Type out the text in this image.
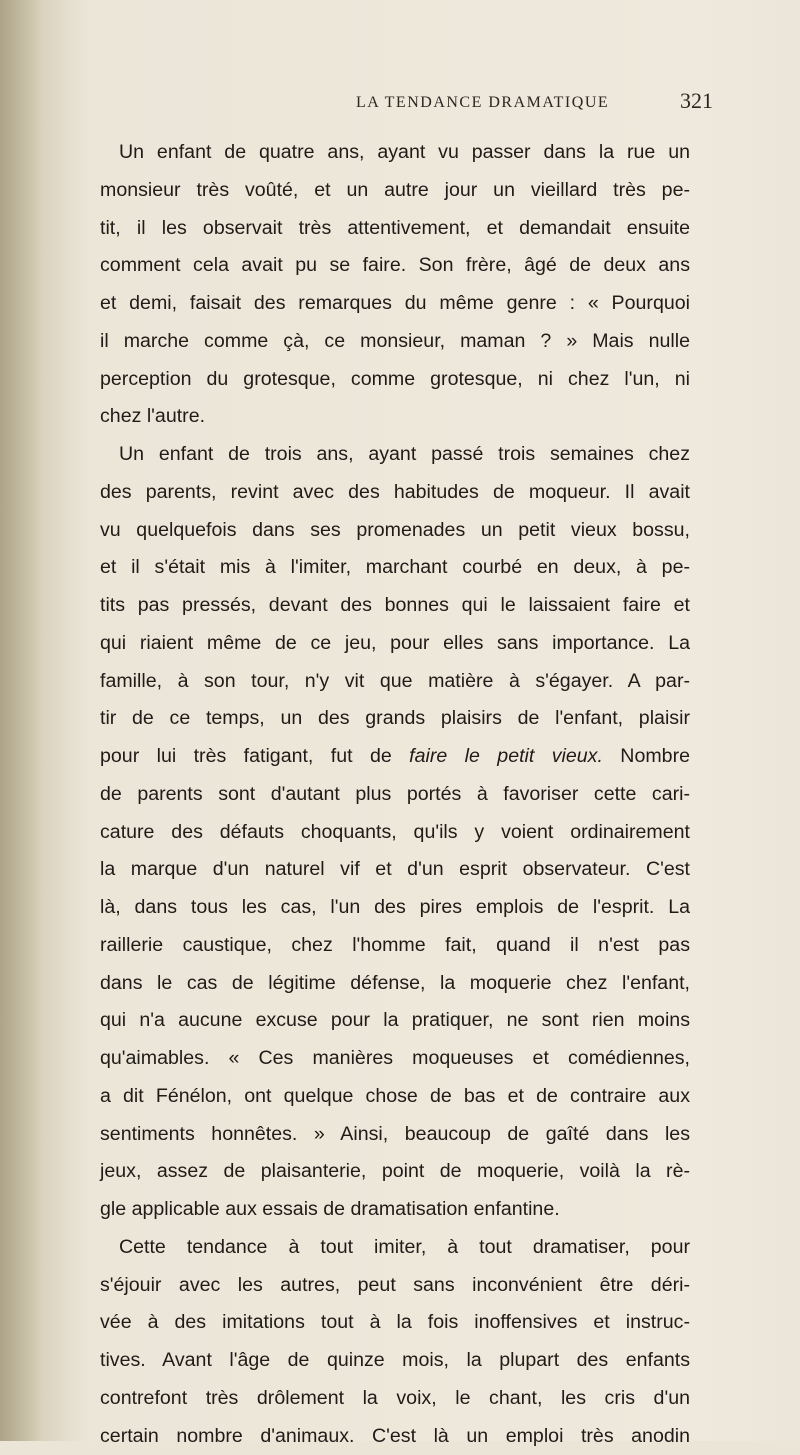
LA TENDANCE DRAMATIQUE	321
Un enfant de quatre ans, ayant vu passer dans la rue un
monsieur très voûté, et un autre jour un vieillard très pe-
tit, il les observait très attentivement, et demandait ensuite
comment cela avait pu se faire. Son frère, âgé de deux ans
et demi, faisait des remarques du même genre : « Pourquoi
il marche comme çà, ce monsieur, maman ? » Mais nulle
perception du grotesque, comme grotesque, ni chez l'un, ni
chez l'autre.
Un enfant de trois ans, ayant passé trois semaines chez
des parents, revint avec des habitudes de moqueur. Il avait
vu quelquefois dans ses promenades un petit vieux bossu,
et il s'était mis à l'imiter, marchant courbé en deux, à pe-
tits pas pressés, devant des bonnes qui le laissaient faire et
qui riaient même de ce jeu, pour elles sans importance. La
famille, à son tour, n'y vit que matière à s'égayer. A par-
tir de ce temps, un des grands plaisirs de l'enfant, plaisir
pour lui très fatigant, fut de faire le petit vieux. Nombre
de parents sont d'autant plus portés à favoriser cette cari-
cature des défauts choquants, qu'ils y voient ordinairement
la marque d'un naturel vif et d'un esprit observateur. C'est
là, dans tous les cas, l'un des pires emplois de l'esprit. La
raillerie caustique, chez l'homme fait, quand il n'est pas
dans le cas de légitime défense, la moquerie chez l'enfant,
qui n'a aucune excuse pour la pratiquer, ne sont rien moins
qu'aimables. « Ces manières moqueuses et comédiennes,
a dit Fénélon, ont quelque chose de bas et de contraire aux
sentiments honnêtes. » Ainsi, beaucoup de gaîté dans les
jeux, assez de plaisanterie, point de moquerie, voilà la rè-
gle applicable aux essais de dramatisation enfantine.
Cette tendance à tout imiter, à tout dramatiser, pour
s'éjouir avec les autres, peut sans inconvénient être déri-
vée à des imitations tout à la fois inoffensives et instruc-
tives. Avant l'âge de quinze mois, la plupart des enfants
contrefont très drôlement la voix, le chant, les cris d'un
certain nombre d'animaux. C'est là un emploi très anodin
